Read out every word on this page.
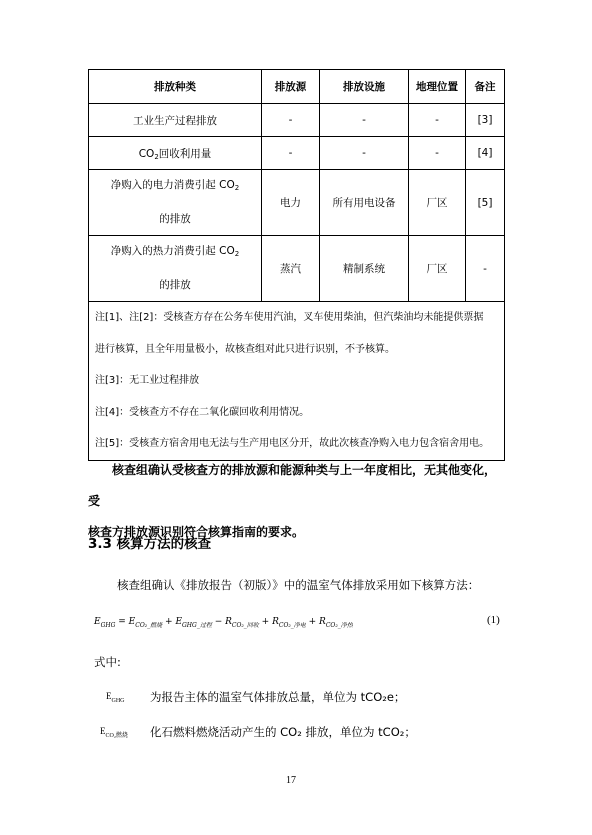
排放种类	排放源	排放设施	地理位置	备注
工业生产过程排放	-	-	-	[3]
$CO_2$回收利用量	-	-	-	[4]

净购入的电力消费引起 $CO_2$
的排放	电力	所有用电设备	厂区	[5]

净购入的热力消费引起 $CO_2$
的排放	蒸汽	精制系统	厂区	-

注[1]、注[2]：受核查方存在公务车使用汽油，叉车使用柴油，但汽柴油均未能提供票据
进行核算，且全年用量极小，故核查组对此只进行识别，不予核算。
注[3]：无工业过程排放
注[4]：受核查方不存在二氧化碳回收利用情况。
注[5]：受核查方宿舍用电无法与生产用电区分开，故此次核查净购入电力包含宿舍用电。				
核查组确认受核查方的排放源和能源种类与上一年度相比，无其他变化，受
核查方排放源识别符合核算指南的要求。
3.3 核算方法的核查
核查组确认《排放报告（初版）》中的温室气体排放采用如下核算方法：
$E_{GHG} = E_{CO_2\_燃烧} + E_{GHG\_过程} - R_{CO_2\_回收} + R_{CO_2\_净电} + R_{CO_2\_净热}$	(1)
式中:
$E_{GHG}$ 为报告主体的温室气体排放总量，单位为 tCO₂e；
$E_{CO_2燃烧}$ 化石燃料燃烧活动产生的 CO₂ 排放，单位为 tCO₂；
17
